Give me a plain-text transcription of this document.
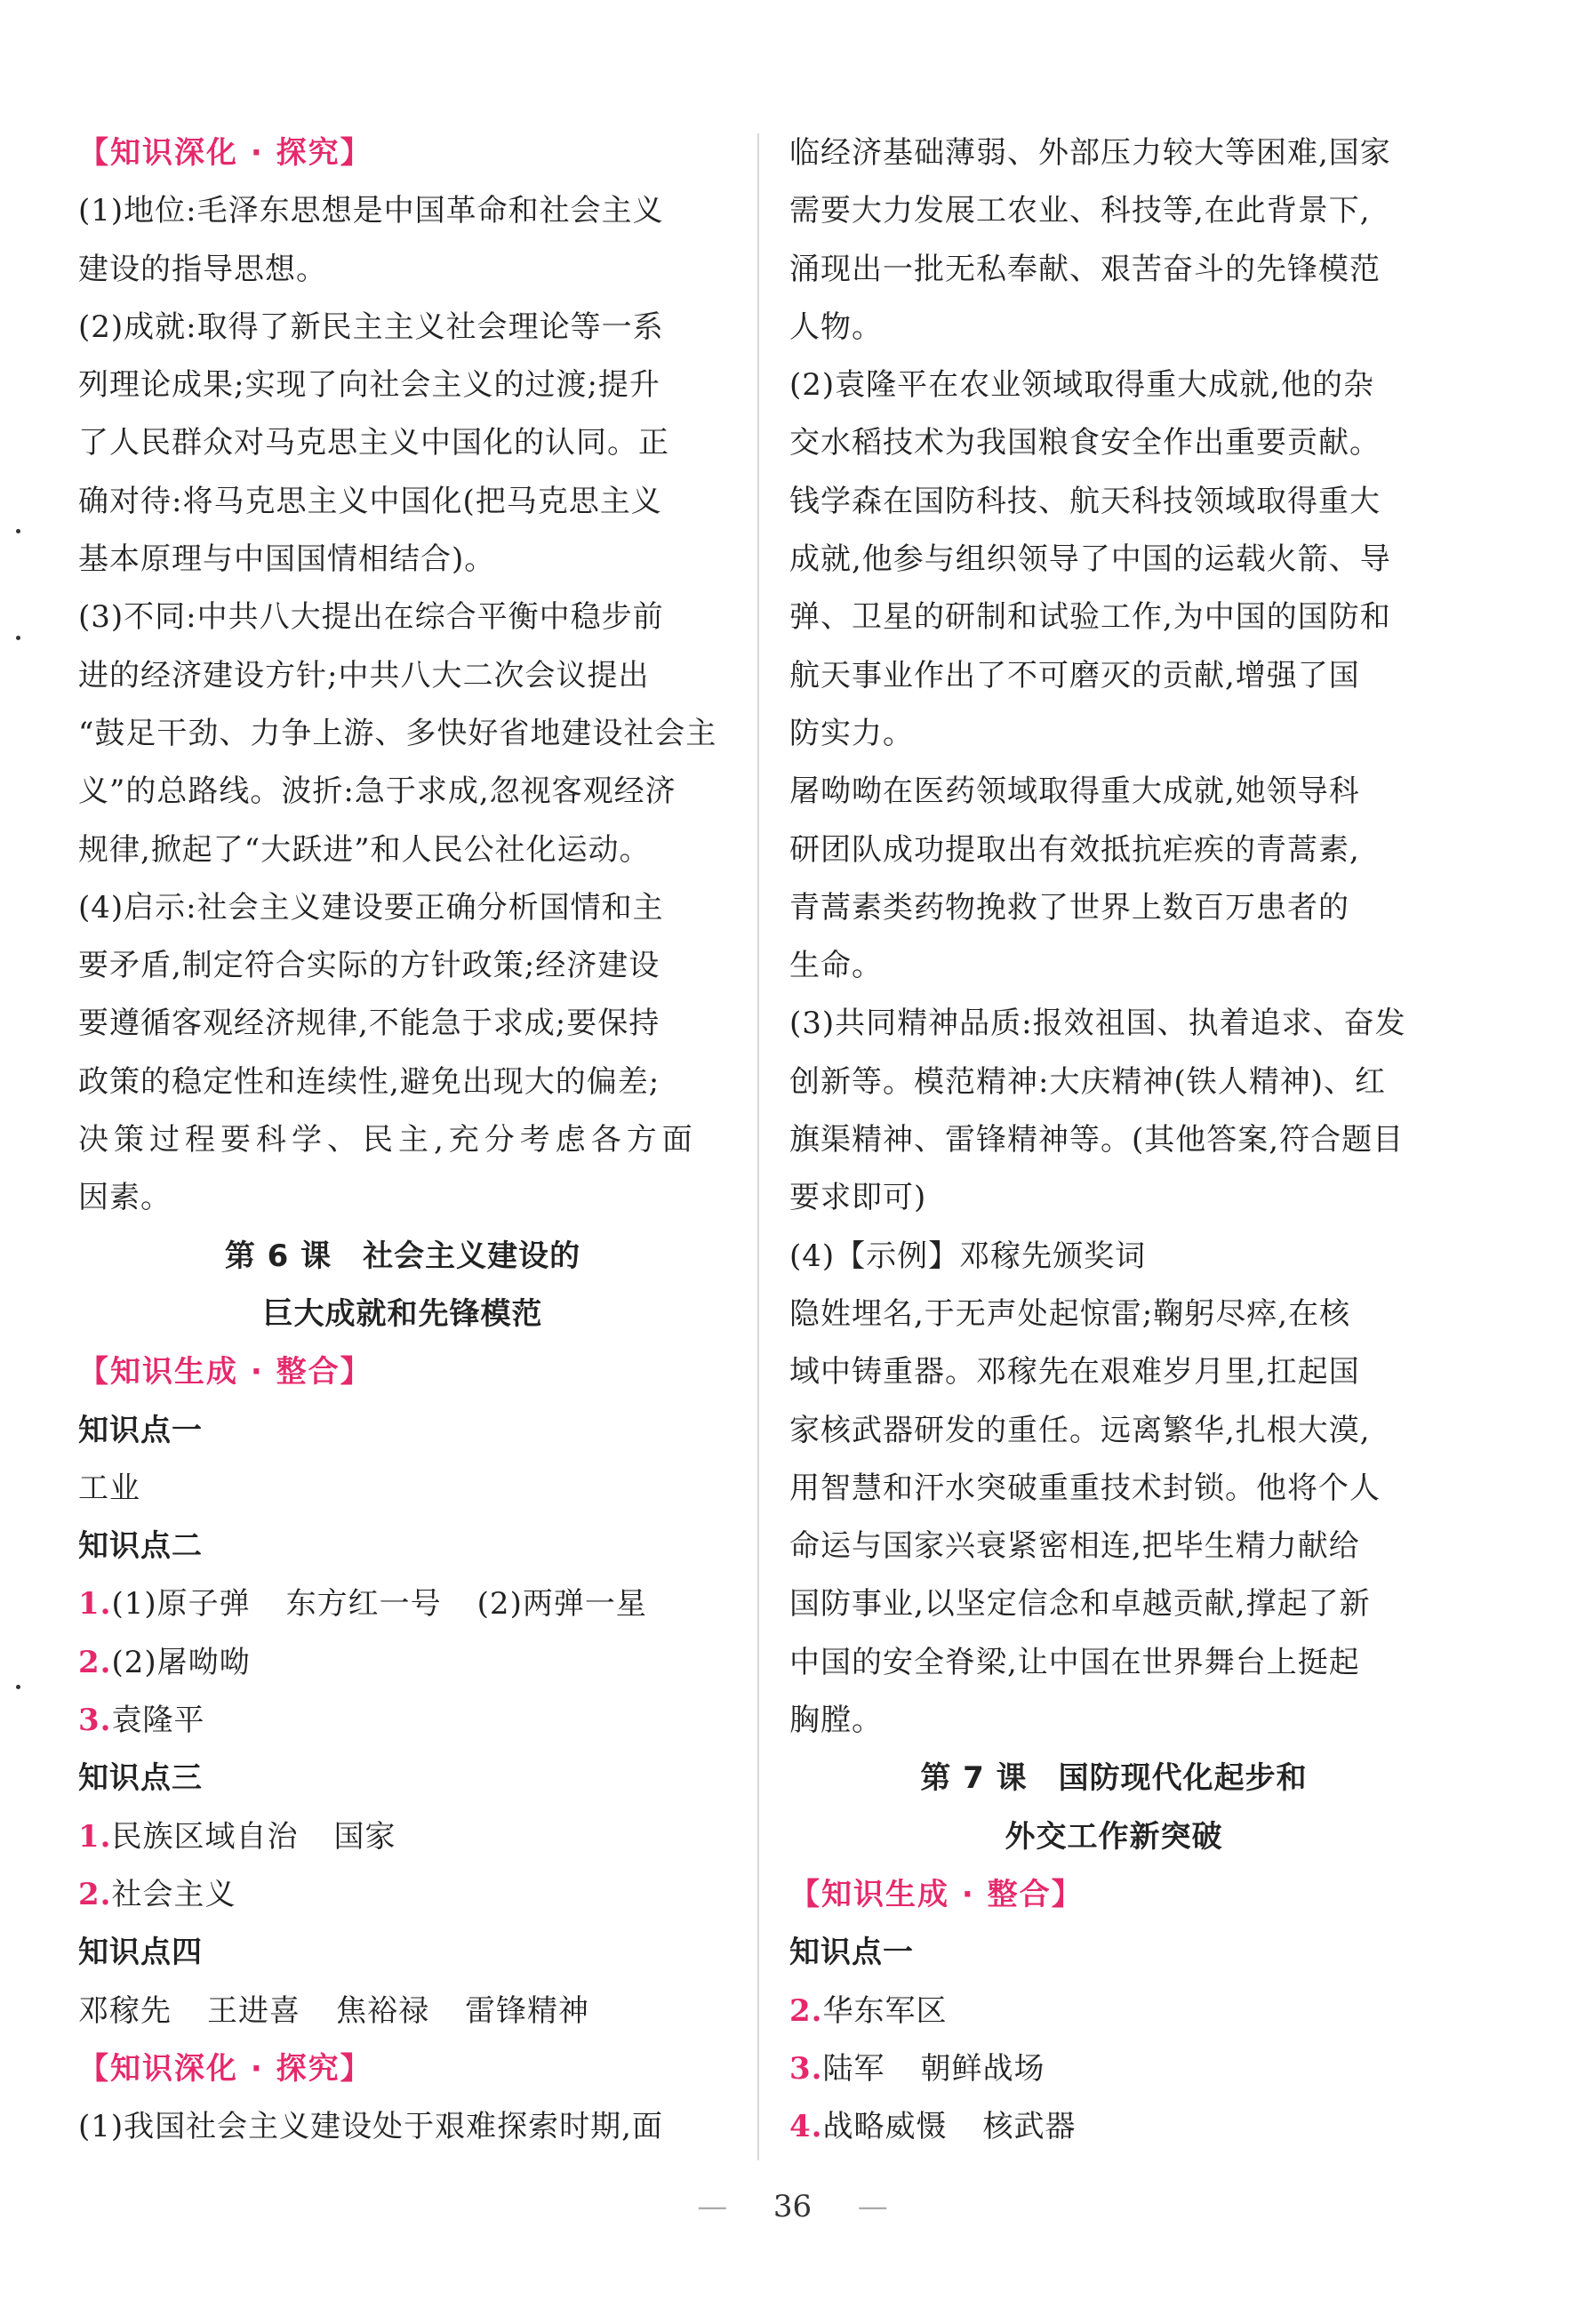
【知识深化 · 探究】
(1)地位:毛泽东思想是中国革命和社会主义
建设的指导思想。
(2)成就:取得了新民主主义社会理论等一系
列理论成果;实现了向社会主义的过渡;提升
了人民群众对马克思主义中国化的认同。正
确对待:将马克思主义中国化(把马克思主义
基本原理与中国国情相结合)。
(3)不同:中共八大提出在综合平衡中稳步前
进的经济建设方针;中共八大二次会议提出
“鼓足干劲、力争上游、多快好省地建设社会主
义”的总路线。波折:急于求成,忽视客观经济
规律,掀起了“大跃进”和人民公社化运动。
(4)启示:社会主义建设要正确分析国情和主
要矛盾,制定符合实际的方针政策;经济建设
要遵循客观经济规律,不能急于求成;要保持
政策的稳定性和连续性,避免出现大的偏差;
决策过程要科学、民主,充分考虑各方面
因素。
第 6 课　社会主义建设的
巨大成就和先锋模范
【知识生成 · 整合】
知识点一
工业
知识点二
1.(1)原子弹 东方红一号 (2)两弹一星
2.(2)屠呦呦
3.袁隆平
知识点三
1.民族区域自治 国家
2.社会主义
知识点四
邓稼先 王进喜 焦裕禄 雷锋精神
【知识深化 · 探究】
(1)我国社会主义建设处于艰难探索时期,面
临经济基础薄弱、外部压力较大等困难,国家
需要大力发展工农业、科技等,在此背景下,
涌现出一批无私奉献、艰苦奋斗的先锋模范
人物。
(2)袁隆平在农业领域取得重大成就,他的杂
交水稻技术为我国粮食安全作出重要贡献。
钱学森在国防科技、航天科技领域取得重大
成就,他参与组织领导了中国的运载火箭、导
弹、卫星的研制和试验工作,为中国的国防和
航天事业作出了不可磨灭的贡献,增强了国
防实力。
屠呦呦在医药领域取得重大成就,她领导科
研团队成功提取出有效抵抗疟疾的青蒿素,
青蒿素类药物挽救了世界上数百万患者的
生命。
(3)共同精神品质:报效祖国、执着追求、奋发
创新等。模范精神:大庆精神(铁人精神)、红
旗渠精神、雷锋精神等。(其他答案,符合题目
要求即可)
(4)【示例】邓稼先颁奖词
隐姓埋名,于无声处起惊雷;鞠躬尽瘁,在核
域中铸重器。邓稼先在艰难岁月里,扛起国
家核武器研发的重任。远离繁华,扎根大漠,
用智慧和汗水突破重重技术封锁。他将个人
命运与国家兴衰紧密相连,把毕生精力献给
国防事业,以坚定信念和卓越贡献,撑起了新
中国的安全脊梁,让中国在世界舞台上挺起
胸膛。
第 7 课　国防现代化起步和
外交工作新突破
【知识生成 · 整合】
知识点一
2.华东军区
3.陆军 朝鲜战场
4.战略威慑 核武器
— 36 —
